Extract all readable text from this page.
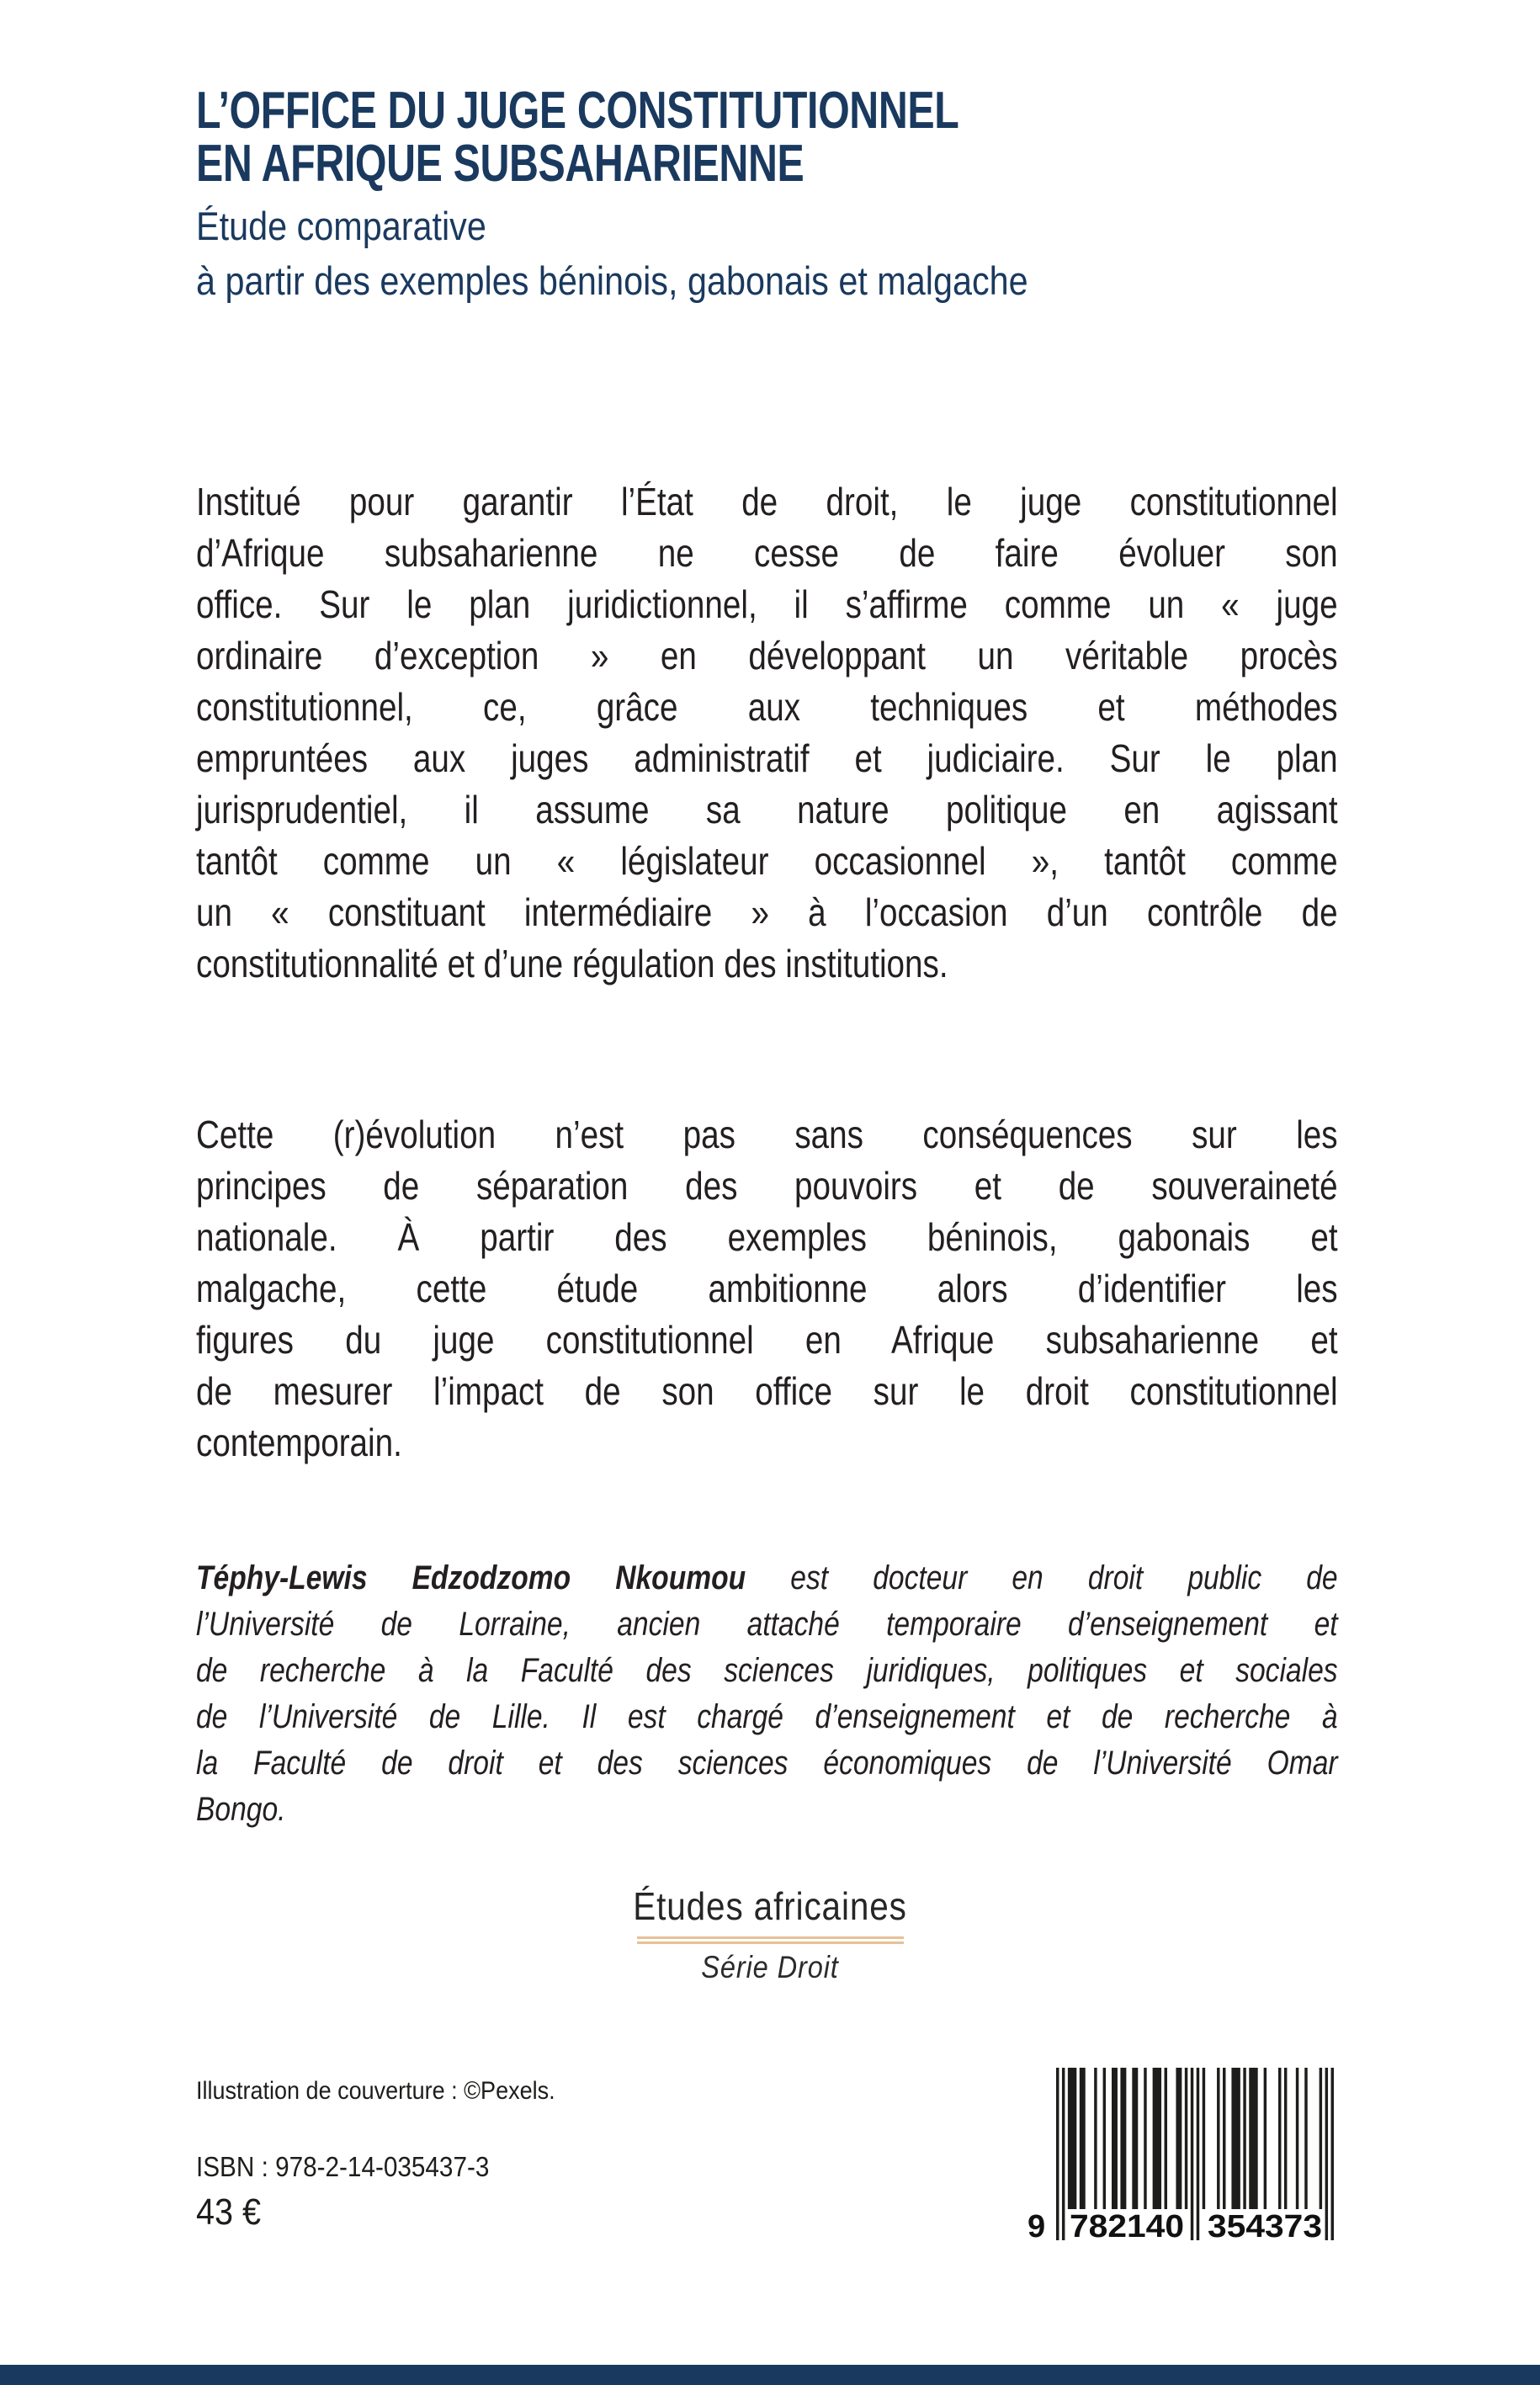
L’OFFICE DU JUGE CONSTITUTIONNEL
EN AFRIQUE SUBSAHARIENNE
Étude comparative
à partir des exemples béninois, gabonais et malgache
Institué pour garantir l’État de droit, le juge constitutionnel
d’Afrique subsaharienne ne cesse de faire évoluer son
office. Sur le plan juridictionnel, il s’affirme comme un « juge
ordinaire d’exception » en développant un véritable procès
constitutionnel, ce, grâce aux techniques et méthodes
empruntées aux juges administratif et judiciaire. Sur le plan
jurisprudentiel, il assume sa nature politique en agissant
tantôt comme un « législateur occasionnel », tantôt comme
un « constituant intermédiaire » à l’occasion d’un contrôle de
constitutionnalité et d’une régulation des institutions.
Cette (r)évolution n’est pas sans conséquences sur les
principes de séparation des pouvoirs et de souveraineté
nationale. À partir des exemples béninois, gabonais et
malgache, cette étude ambitionne alors d’identifier les
figures du juge constitutionnel en Afrique subsaharienne et
de mesurer l’impact de son office sur le droit constitutionnel
contemporain.
Téphy-Lewis Edzodzomo Nkoumou est docteur en droit public de
l’Université de Lorraine, ancien attaché temporaire d’enseignement et
de recherche à la Faculté des sciences juridiques, politiques et sociales
de l’Université de Lille. Il est chargé d’enseignement et de recherche à
la Faculté de droit et des sciences économiques de l’Université Omar
Bongo.
Études africaines
Série Droit
Illustration de couverture : ©Pexels.
ISBN : 978-2-14-035437-3
43 €	9 782140 354373
